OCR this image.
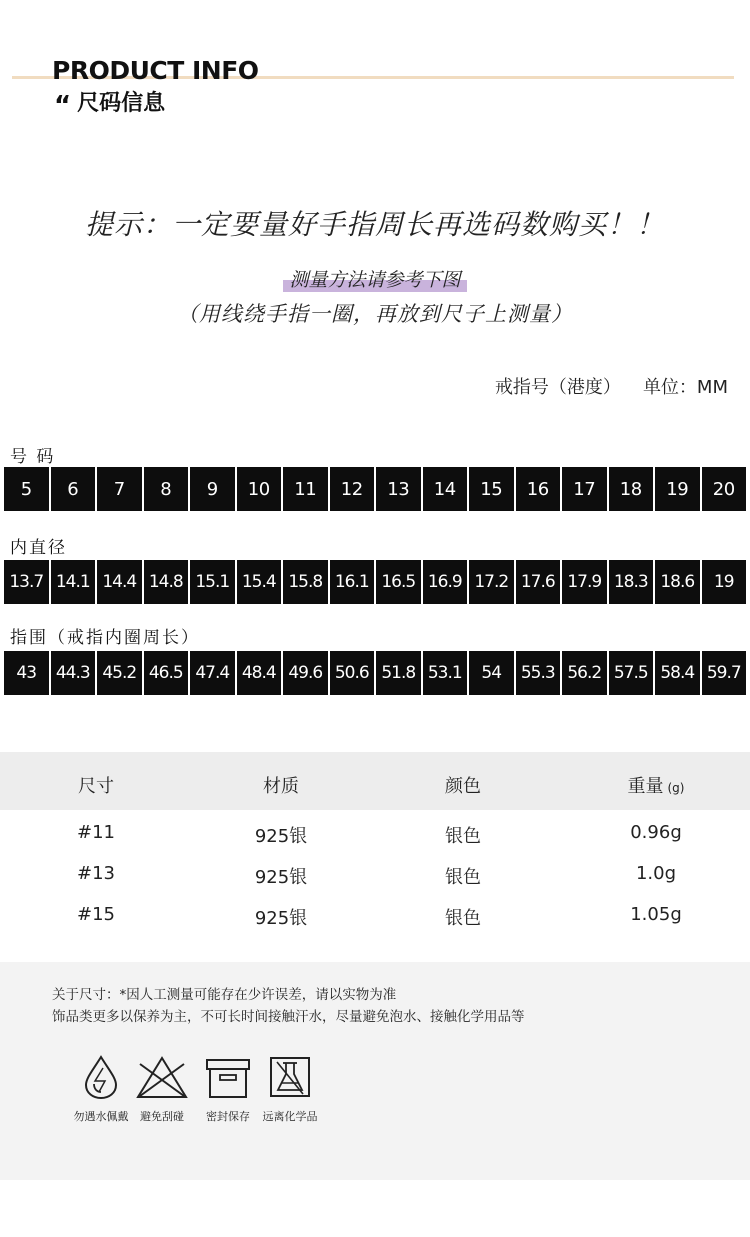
PRODUCT INFO
“ 尺码信息
提示：一定要量好手指周长再选码数购买！！
测量方法请参考下图
（用线绕手指一圈，再放到尺子上测量）
戒指号（港度） 单位：MM
号 码
5	6	7	8	9	10	11	12	13	14	15	16	17	18	19	20
内直径
13.7 14.1 14.4 14.8 15.1 15.4 15.8 16.1 16.5 16.9 17.2 17.6 17.9 18.3 18.6	19
指围（戒指内圈周长）
43	44.3 45.2 46.5 47.4 48.4 49.6 50.6 51.8 53.1	54	55.3 56.2 57.5 58.4 59.7
尺寸	材质	颜色	重量 (g)
#11	925银	银色	0.96g
#13	925银	银色	1.0g
#15	925银	银色	1.05g
关于尺寸：*因人工测量可能存在少许误差，请以实物为准
饰品类更多以保养为主，不可长时间接触汗水，尽量避免泡水、接触化学用品等
勿遇水佩戴	避免刮碰	密封保存	远离化学品
